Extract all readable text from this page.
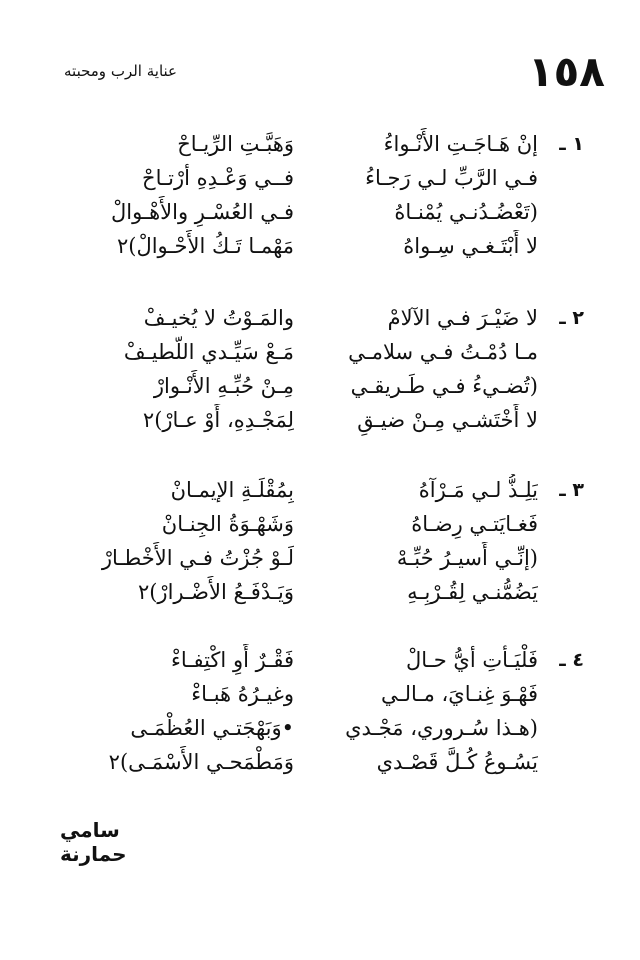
١٥٨
عناية الرب ومحبته
١ ـ
إنْ هَـاجَـتِ الأَنْـواءُ
وَهَبَّـتِ الرِّيـاحْ
فـي الرَّبِّ لـي رَجـاءُ
فــي وَعْـدِهِ أرْتـاحْ
(تَعْضُـدُنـي يُمْنـاهُ
فـي العُسْـرِ والأَهْـوالْ
لا أَبْتَـغـي سِـواهُ
مَهْمـا تَـكُ الأَحْـوالْ)٢
٢ ـ
لا ضَيْـرَ فـي الآلامْ
والمَـوْتُ لا يُخيـفْ
مـا دُمْـتُ فـي سلامـي
مَـعْ سَيِّـدي اللَّطيـفْ
(تُضـيءُ فـي طَـريقـي
مِـنْ حُبِّـهِ الأَنْـوارْ
لا أَخْتَشـي مِـنْ ضيـقِ
لِمَجْـدِهِ، أَوْ عـارْ)٢
٣ ـ
يَلِـذُّ لـي مَـرْآهُ
بِمُقْلَـةِ الإيمـانْ
فَغـايَتـي رِضـاهُ
وَشَهْـوَةُ الجِنـانْ
(إنِّـي أَسيـرُ حُبِّـهْ
لَـوْ جُزْتُ فـي الأَخْطـارْ
يَضُمُّنـي لِقُـرْبِـهِ
وَيَـدْفَـعُ الأَضْـرارْ)٢
٤ ـ
فَلْيَـأْتِ أيُّ حـالْ
فَقْـرٌ أَوِ اكْتِفـاءْ
فَهْـوَ غِنـايَ، مـالـي
وغيـرُهُ هَبـاءْ
(هـذا سُـروري، مَجْـدي
•وَبَهْجَتـي العُظْمَـى
يَسُـوعُ كُـلَّ قَصْـدي
وَمَطْمَحـي الأَسْمَـى)٢
سامي حمارنة
